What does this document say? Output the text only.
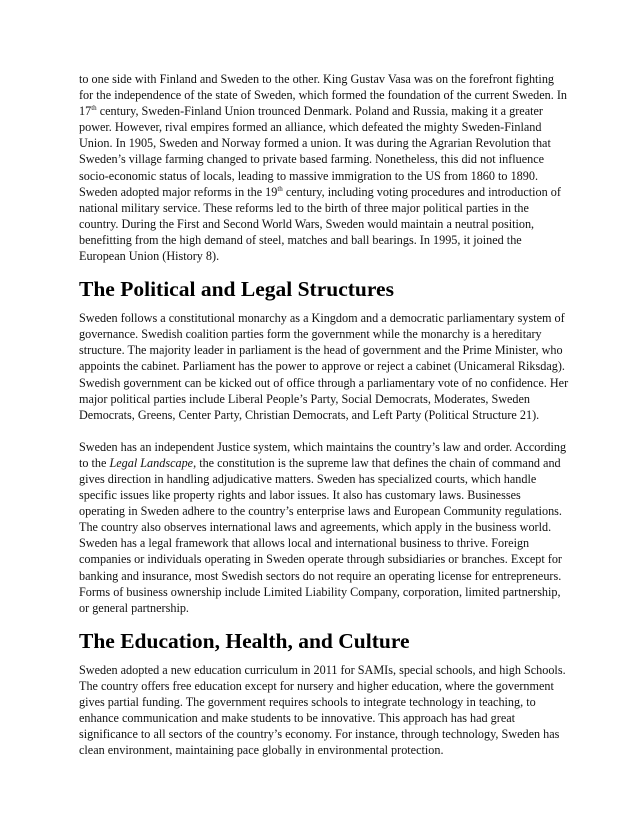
to one side with Finland and Sweden to the other. King Gustav Vasa was on the forefront fighting for the independence of the state of Sweden, which formed the foundation of the current Sweden. In 17th century, Sweden-Finland Union trounced Denmark. Poland and Russia, making it a greater power. However, rival empires formed an alliance, which defeated the mighty Sweden-Finland Union. In 1905, Sweden and Norway formed a union. It was during the Agrarian Revolution that Sweden’s village farming changed to private based farming. Nonetheless, this did not influence socio-economic status of locals, leading to massive immigration to the US from 1860 to 1890. Sweden adopted major reforms in the 19th century, including voting procedures and introduction of national military service. These reforms led to the birth of three major political parties in the country. During the First and Second World Wars, Sweden would maintain a neutral position, benefitting from the high demand of steel, matches and ball bearings. In 1995, it joined the European Union (History 8).

The Political and Legal Structures

Sweden follows a constitutional monarchy as a Kingdom and a democratic parliamentary system of governance. Swedish coalition parties form the government while the monarchy is a hereditary structure. The majority leader in parliament is the head of government and the Prime Minister, who appoints the cabinet. Parliament has the power to approve or reject a cabinet (Unicameral Riksdag). Swedish government can be kicked out of office through a parliamentary vote of no confidence. Her major political parties include Liberal People’s Party, Social Democrats, Moderates, Sweden Democrats, Greens, Center Party, Christian Democrats, and Left Party (Political Structure 21).

Sweden has an independent Justice system, which maintains the country’s law and order. According to the Legal Landscape, the constitution is the supreme law that defines the chain of command and gives direction in handling adjudicative matters. Sweden has specialized courts, which handle specific issues like property rights and labor issues. It also has customary laws. Businesses operating in Sweden adhere to the country’s enterprise laws and European Community regulations. The country also observes international laws and agreements, which apply in the business world. Sweden has a legal framework that allows local and international business to thrive. Foreign companies or individuals operating in Sweden operate through subsidiaries or branches. Except for banking and insurance, most Swedish sectors do not require an operating license for entrepreneurs. Forms of business ownership include Limited Liability Company, corporation, limited partnership, or general partnership.

The Education, Health, and Culture

Sweden adopted a new education curriculum in 2011 for SAMIs, special schools, and high Schools. The country offers free education except for nursery and higher education, where the government gives partial funding. The government requires schools to integrate technology in teaching, to enhance communication and make students to be innovative. This approach has had great significance to all sectors of the country’s economy. For instance, through technology, Sweden has clean environment, maintaining pace globally in environmental protection.
